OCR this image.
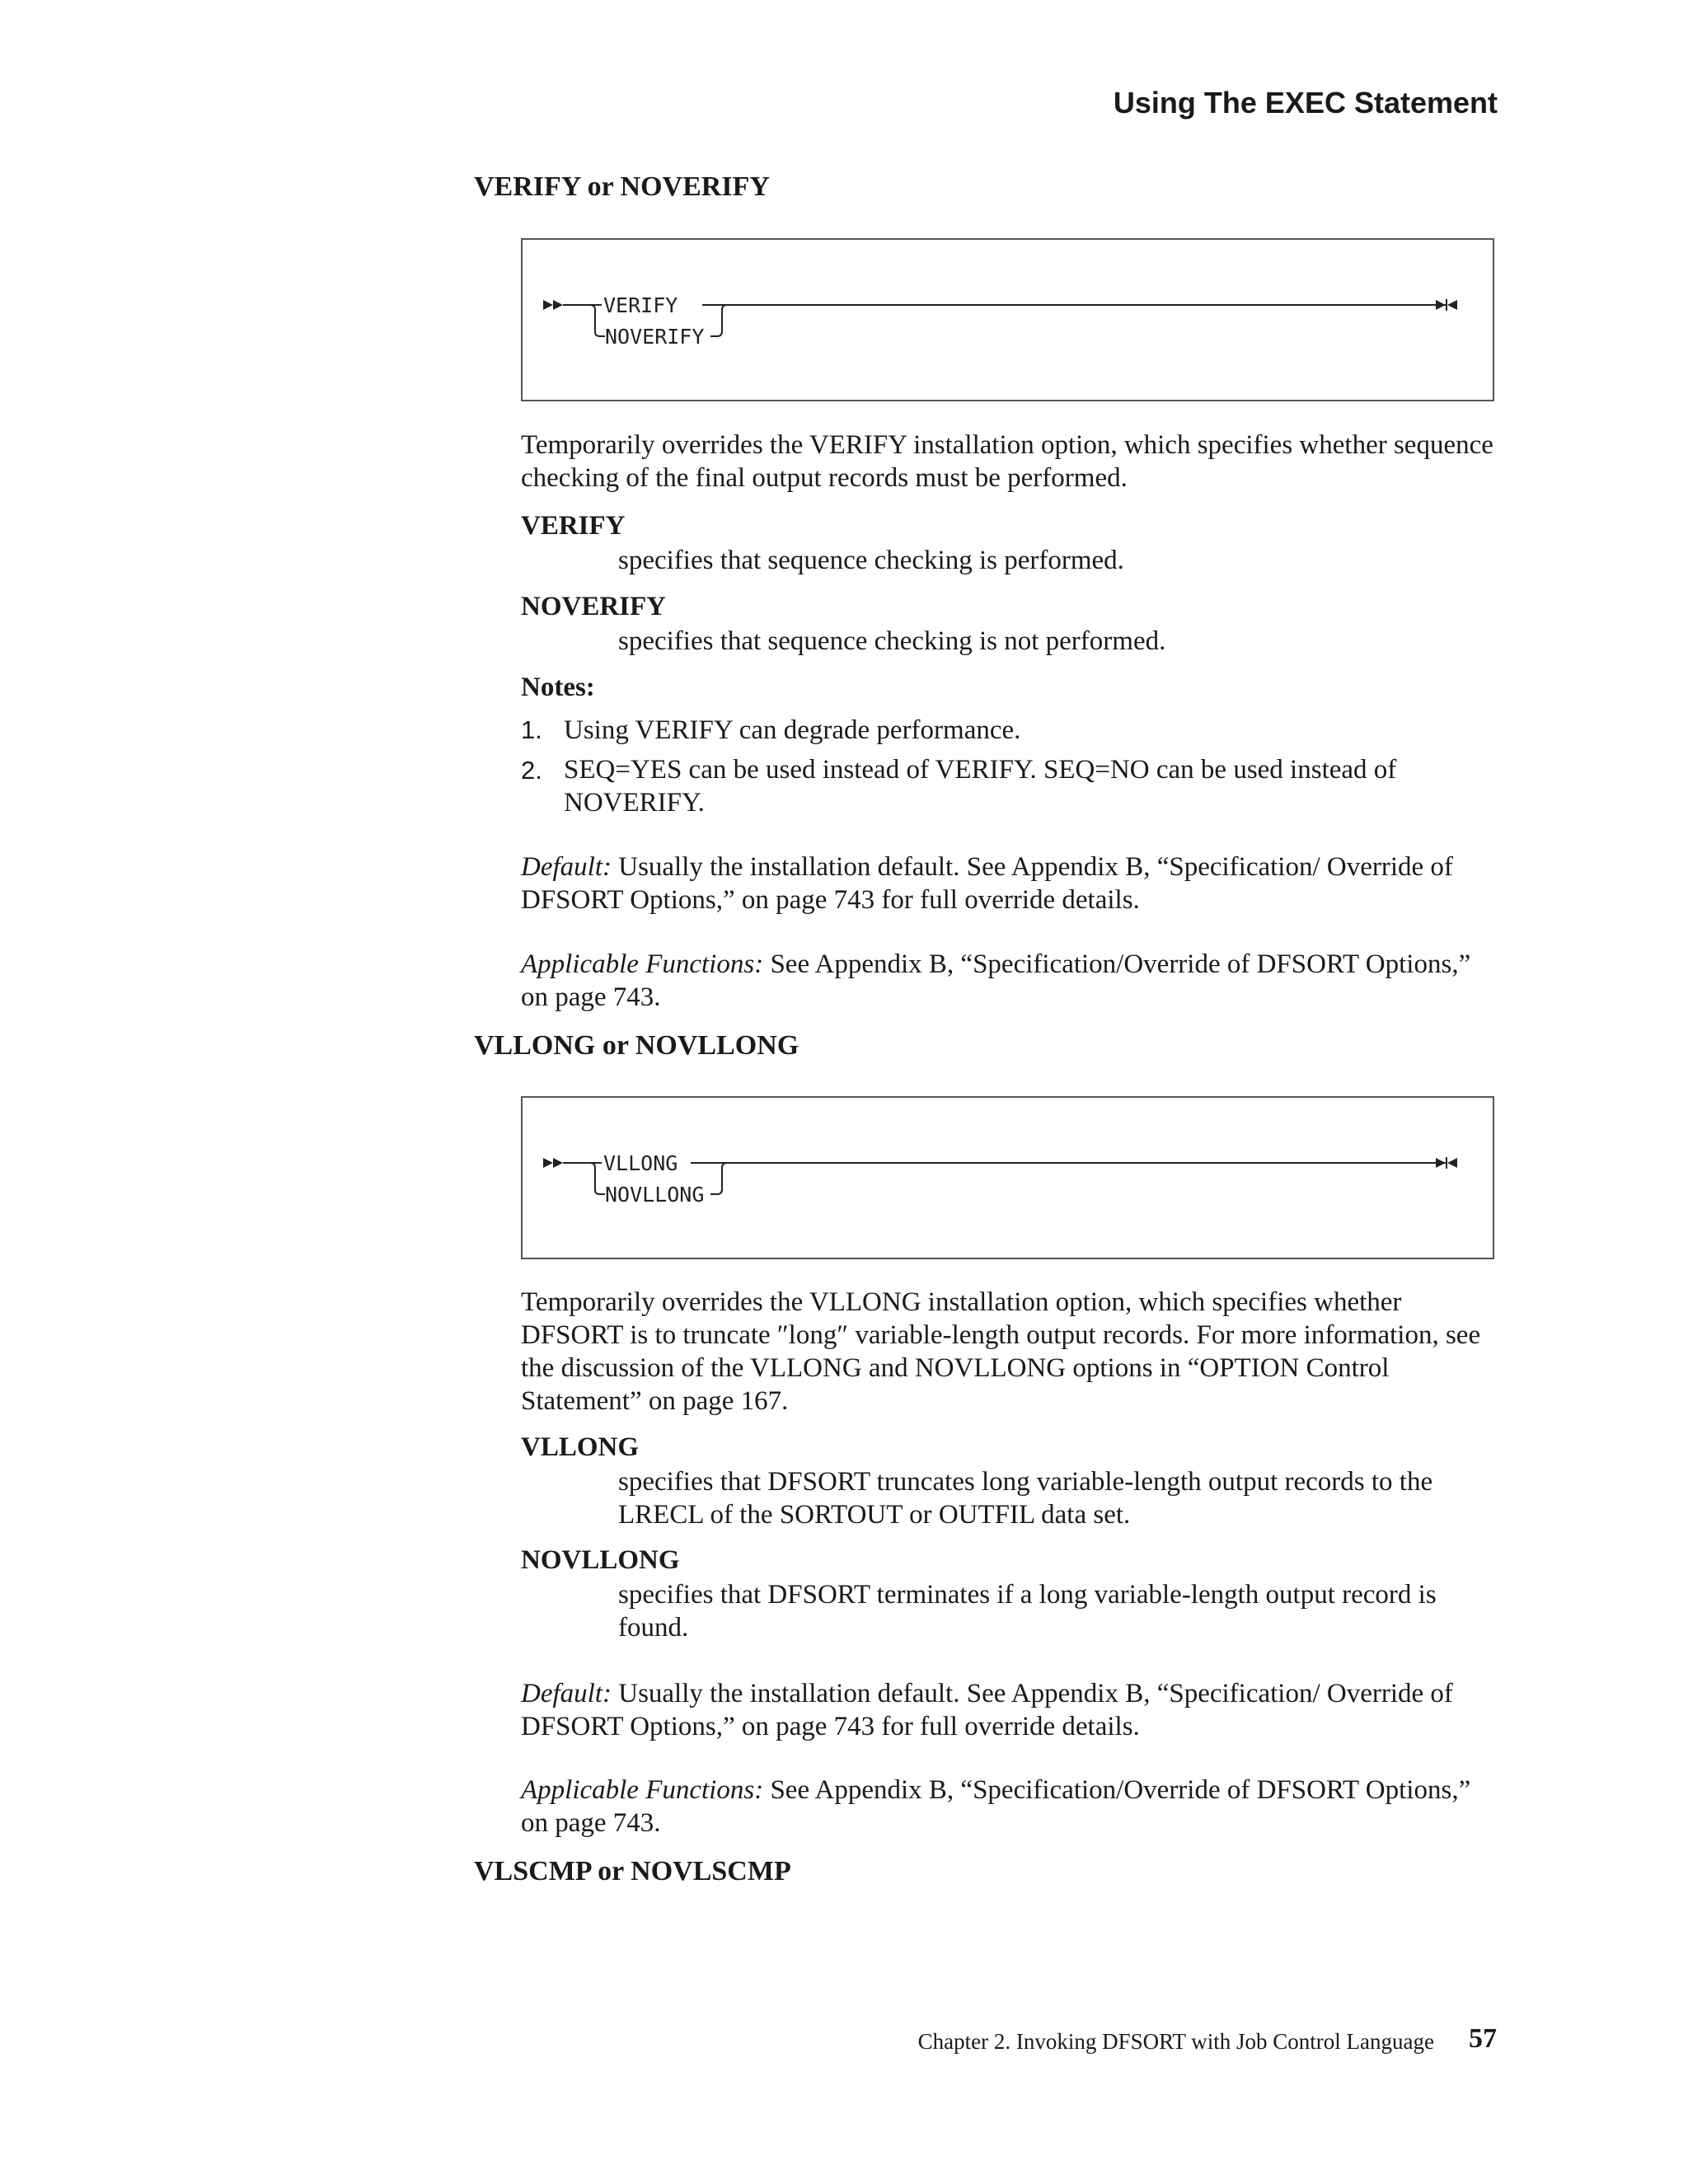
Using The EXEC Statement
VERIFY or NOVERIFY
VERIFY
NOVERIFY
Temporarily overrides the VERIFY installation option, which specifies whether sequence checking of the final output records must be performed.
VERIFY
specifies that sequence checking is performed.
NOVERIFY
specifies that sequence checking is not performed.
Notes:
1. Using VERIFY can degrade performance.
2. SEQ=YES can be used instead of VERIFY. SEQ=NO can be used instead of NOVERIFY.
Default: Usually the installation default. See Appendix B, “Specification/ Override of DFSORT Options,” on page 743 for full override details.
Applicable Functions: See Appendix B, “Specification/Override of DFSORT Options,” on page 743.
VLLONG or NOVLLONG
VLLONG
NOVLLONG
Temporarily overrides the VLLONG installation option, which specifies whether DFSORT is to truncate ″long″ variable-length output records. For more information, see the discussion of the VLLONG and NOVLLONG options in “OPTION Control Statement” on page 167.
VLLONG
specifies that DFSORT truncates long variable-length output records to the LRECL of the SORTOUT or OUTFIL data set.
NOVLLONG
specifies that DFSORT terminates if a long variable-length output record is found.
Default: Usually the installation default. See Appendix B, “Specification/ Override of DFSORT Options,” on page 743 for full override details.
Applicable Functions: See Appendix B, “Specification/Override of DFSORT Options,” on page 743.
VLSCMP or NOVLSCMP
Chapter 2. Invoking DFSORT with Job Control Language 57
